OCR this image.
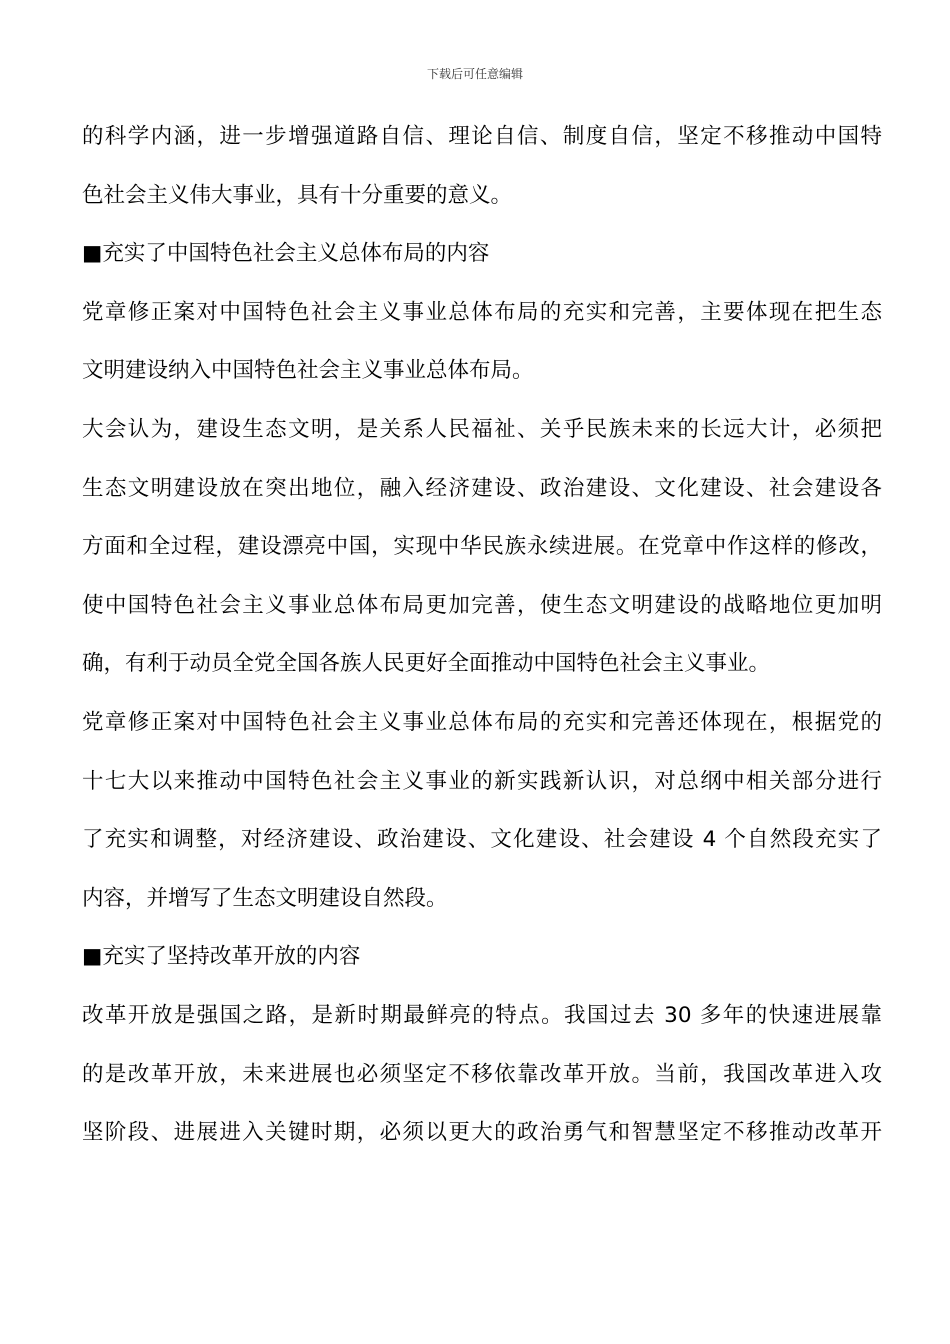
下载后可任意编辑
的科学内涵，进一步增强道路自信、理论自信、制度自信，坚定不移推动中国特
色社会主义伟大事业，具有十分重要的意义。
■充实了中国特色社会主义总体布局的内容
党章修正案对中国特色社会主义事业总体布局的充实和完善，主要体现在把生态
文明建设纳入中国特色社会主义事业总体布局。
大会认为，建设生态文明，是关系人民福祉、关乎民族未来的长远大计，必须把
生态文明建设放在突出地位，融入经济建设、政治建设、文化建设、社会建设各
方面和全过程，建设漂亮中国，实现中华民族永续进展。在党章中作这样的修改，
使中国特色社会主义事业总体布局更加完善，使生态文明建设的战略地位更加明
确，有利于动员全党全国各族人民更好全面推动中国特色社会主义事业。
党章修正案对中国特色社会主义事业总体布局的充实和完善还体现在，根据党的
十七大以来推动中国特色社会主义事业的新实践新认识，对总纲中相关部分进行
了充实和调整，对经济建设、政治建设、文化建设、社会建设 4 个自然段充实了
内容，并增写了生态文明建设自然段。
■充实了坚持改革开放的内容
改革开放是强国之路，是新时期最鲜亮的特点。我国过去 30 多年的快速进展靠
的是改革开放，未来进展也必须坚定不移依靠改革开放。当前，我国改革进入攻
坚阶段、进展进入关键时期，必须以更大的政治勇气和智慧坚定不移推动改革开
